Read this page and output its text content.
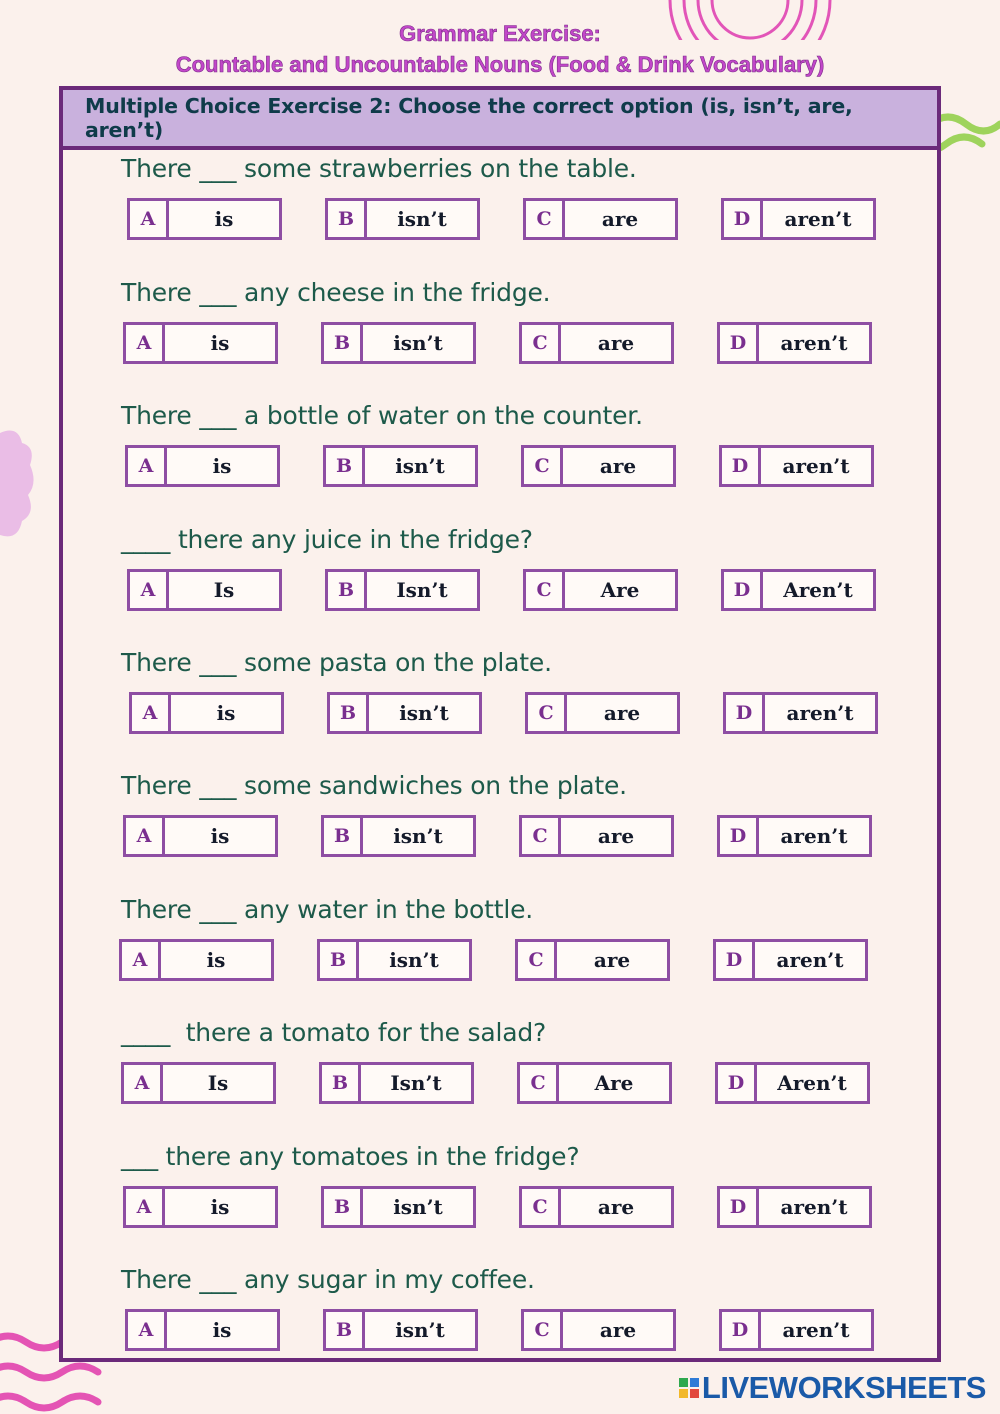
Grammar Exercise:
Countable and Uncountable Nouns (Food & Drink Vocabulary)
Multiple Choice Exercise 2: Choose the correct option (is, isn’t, are, aren’t)
There ___ some strawberries on the table.
A	is	B	isn’t	C	are	D	aren’t
There ___ any cheese in the fridge.
A	is	B	isn’t	C	are	D	aren’t
There ___ a bottle of water on the counter.
A	is	B	isn’t	C	are	D	aren’t
____ there any juice in the fridge?
A	Is	B	Isn’t	C	Are	D	Aren’t
There ___ some pasta on the plate.
A	is	B	isn’t	C	are	D	aren’t
There ___ some sandwiches on the plate.
A	is	B	isn’t	C	are	D	aren’t
There ___ any water in the bottle.
A	is	B	isn’t	C	are	D	aren’t
____  there a tomato for the salad?
A	Is	B	Isn’t	C	Are	D	Aren’t
___ there any tomatoes in the fridge?
A	is	B	isn’t	C	are	D	aren’t
There ___ any sugar in my coffee.
A	is	B	isn’t	C	are	D	aren’t
LIVEWORKSHEETS
